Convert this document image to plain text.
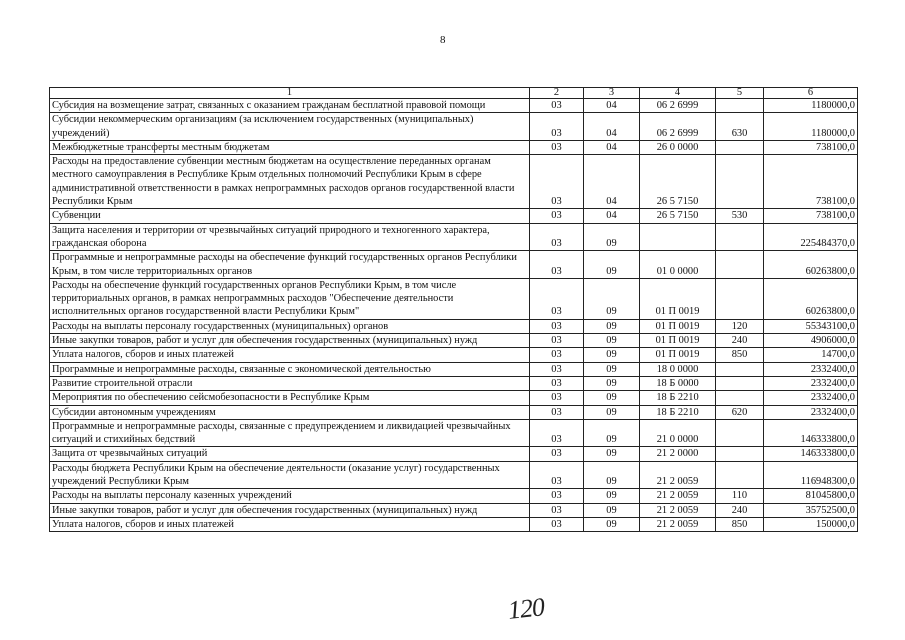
8
1	2	3	4	5	6
Субсидия на возмещение затрат, связанных с оказанием гражданам бесплатной правовой помощи	03	04	06 2 6999		1180000,0
Субсидии некоммерческим организациям (за исключением государственных (муниципальных) учреждений)	03	04	06 2 6999	630	1180000,0
Межбюджетные трансферты местным бюджетам	03	04	26 0 0000		738100,0
Расходы на предоставление субвенции местным бюджетам на осуществление переданных органам местного самоуправления в Республике Крым отдельных полномочий Республики Крым в сфере административной ответственности в рамках непрограммных расходов органов государственной власти Республики Крым	03	04	26 5 7150		738100,0
Субвенции	03	04	26 5 7150	530	738100,0
Защита населения и территории от чрезвычайных ситуаций природного и техногенного характера, гражданская оборона	03	09			225484370,0
Программные и непрограммные расходы на обеспечение функций государственных органов Республики Крым, в том числе территориальных органов	03	09	01 0 0000		60263800,0
Расходы на обеспечение функций государственных органов Республики Крым, в том числе территориальных органов, в рамках непрограммных расходов "Обеспечение деятельности исполнительных органов государственной власти Республики Крым"	03	09	01 П 0019		60263800,0
Расходы на выплаты персоналу государственных (муниципальных) органов	03	09	01 П 0019	120	55343100,0
Иные закупки товаров, работ и услуг для обеспечения государственных (муниципальных) нужд	03	09	01 П 0019	240	4906000,0
Уплата налогов, сборов и иных платежей	03	09	01 П 0019	850	14700,0
Программные и непрограммные расходы, связанные с экономической деятельностью	03	09	18 0 0000		2332400,0
Развитие строительной отрасли	03	09	18 Б 0000		2332400,0
Мероприятия по обеспечению сейсмобезопасности в Республике Крым	03	09	18 Б 2210		2332400,0
Субсидии автономным учреждениям	03	09	18 Б 2210	620	2332400,0
Программные и непрограммные расходы, связанные с предупреждением и ликвидацией чрезвычайных ситуаций и стихийных бедствий	03	09	21 0 0000		146333800,0
Защита от чрезвычайных ситуаций	03	09	21 2 0000		146333800,0
Расходы бюджета Республики Крым на обеспечение деятельности (оказание услуг) государственных учреждений Республики Крым	03	09	21 2 0059		116948300,0
Расходы на выплаты персоналу казенных учреждений	03	09	21 2 0059	110	81045800,0
Иные закупки товаров, работ и услуг для обеспечения государственных (муниципальных) нужд	03	09	21 2 0059	240	35752500,0
Уплата налогов, сборов и иных платежей	03	09	21 2 0059	850	150000,0
120
